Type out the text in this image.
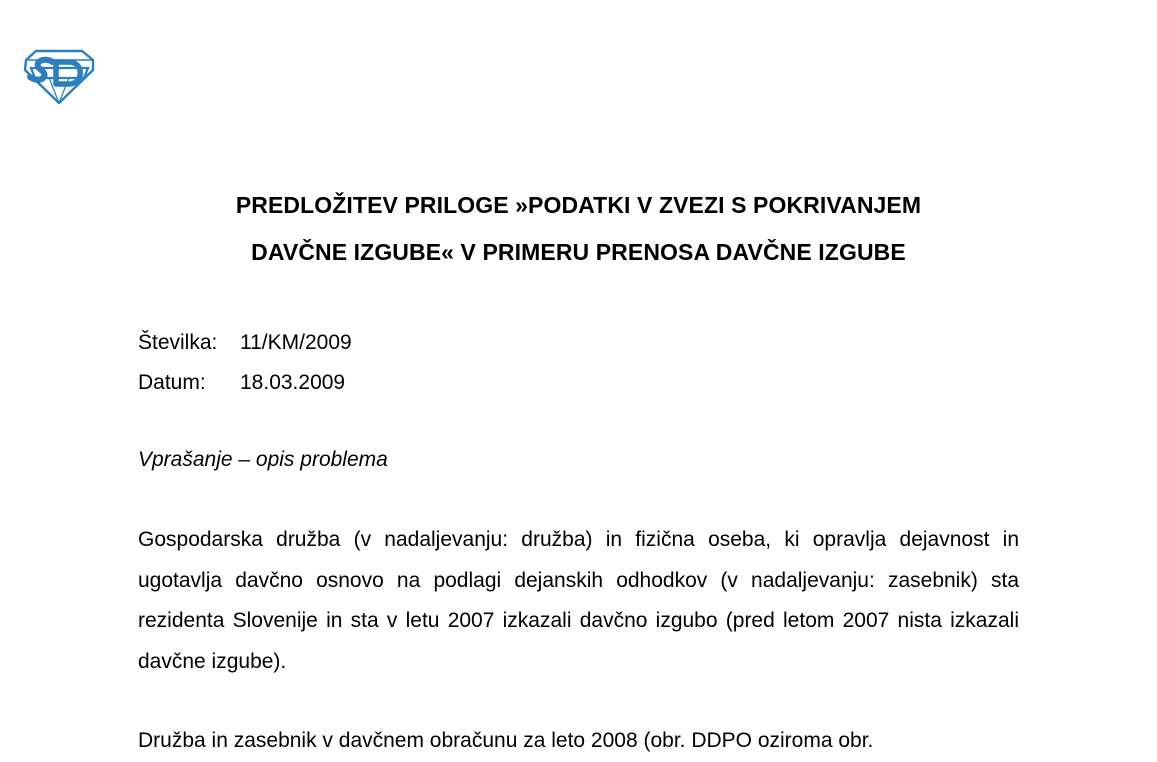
PREDLOŽITEV PRILOGE »PODATKI V ZVEZI S POKRIVANJEM
DAVČNE IZGUBE« V PRIMERU PRENOSA DAVČNE IZGUBE
Številka: 11/KM/2009
Datum: 18.03.2009
Vprašanje – opis problema
Gospodarska družba (v nadaljevanju: družba) in fizična oseba, ki opravlja dejavnost in ugotavlja davčno osnovo na podlagi dejanskih odhodkov (v nadaljevanju: zasebnik) sta rezidenta Slovenije in sta v letu 2007 izkazali davčno izgubo (pred letom 2007 nista izkazali davčne izgube).
Družba in zasebnik v davčnem obračunu za leto 2008 (obr. DDPO oziroma obr.
